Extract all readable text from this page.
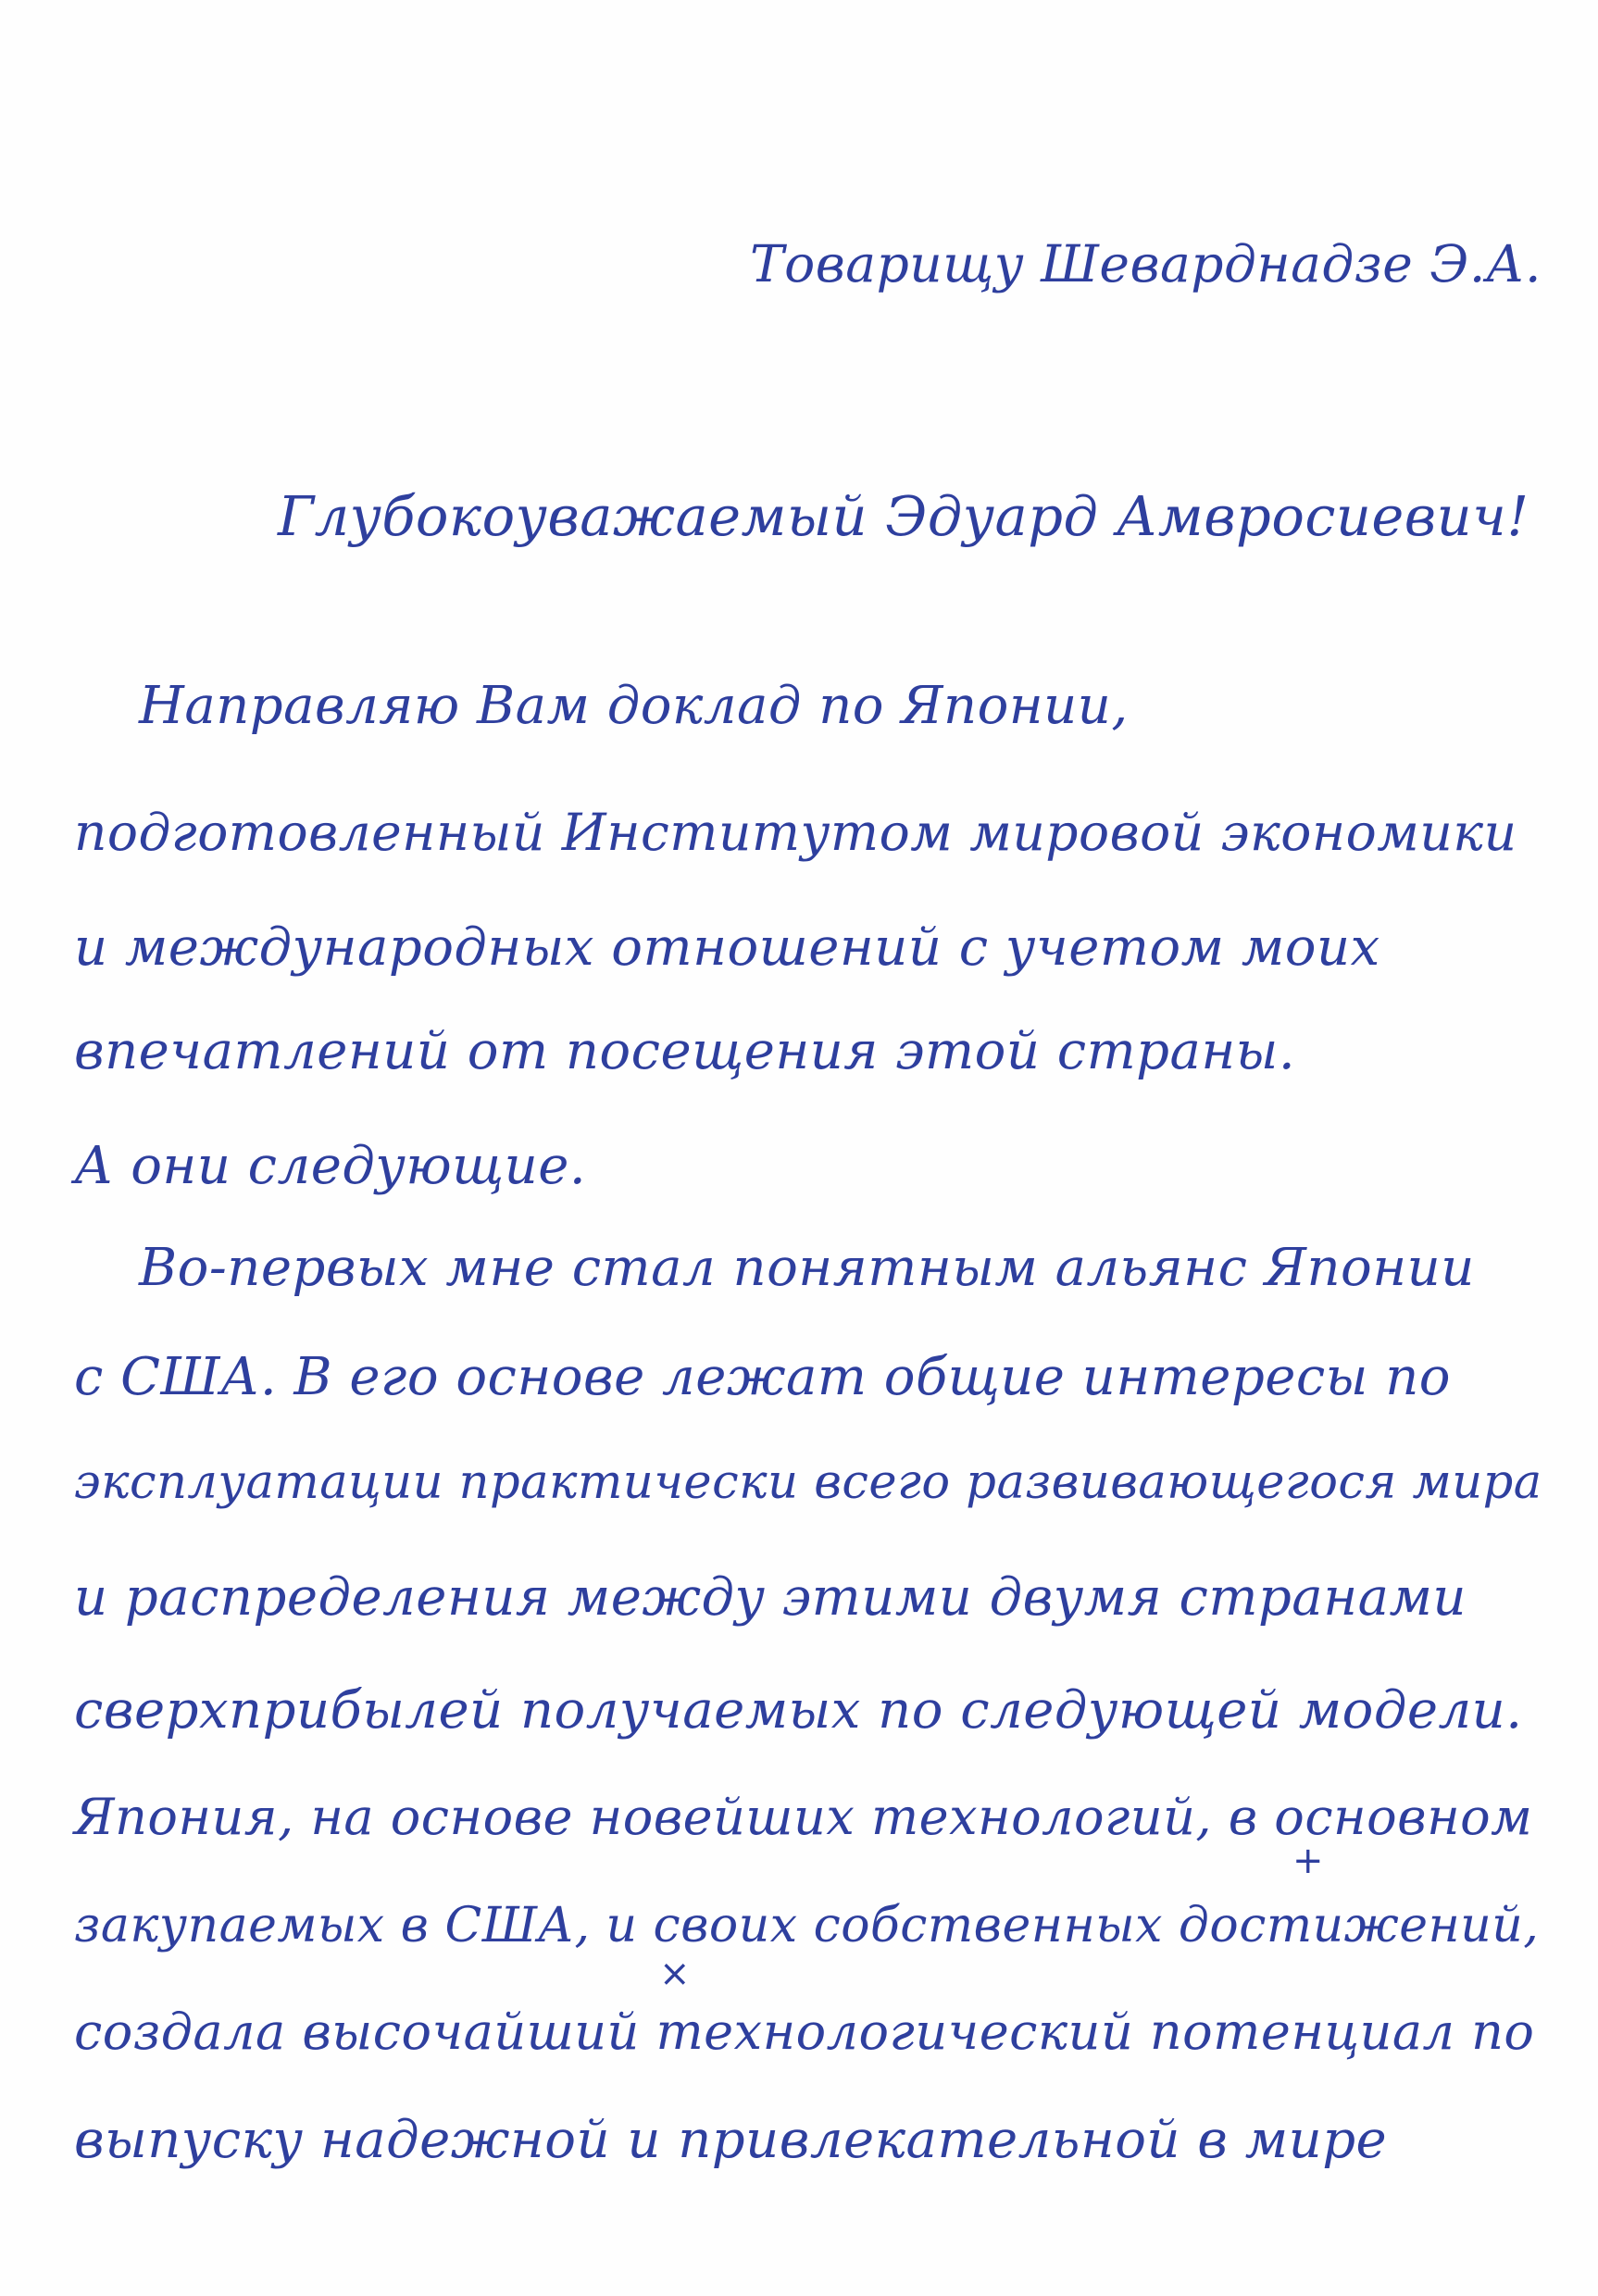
Товарищу Шеварднадзе Э.А.

Глубокоуважаемый Эдуард Амвросиевич!

Направляю Вам доклад по Японии,

подготовленный Институтом мировой экономики

и международных отношений с учетом моих

впечатлений от посещения этой страны.

А они следующие.

Во-первых мне стал понятным альянс Японии

с США. В его основе лежат общие интересы по

эксплуатации практически всего развивающегося мира

и распределения между этими двумя странами

сверхприбылей получаемых по следующей модели.

Япония, на основе новейших технологий, в основном

закупаемых в США, и своих собственных достижений,

создала высочайший технологический потенциал по

выпуску надежной и привлекательной в мире

+
×
